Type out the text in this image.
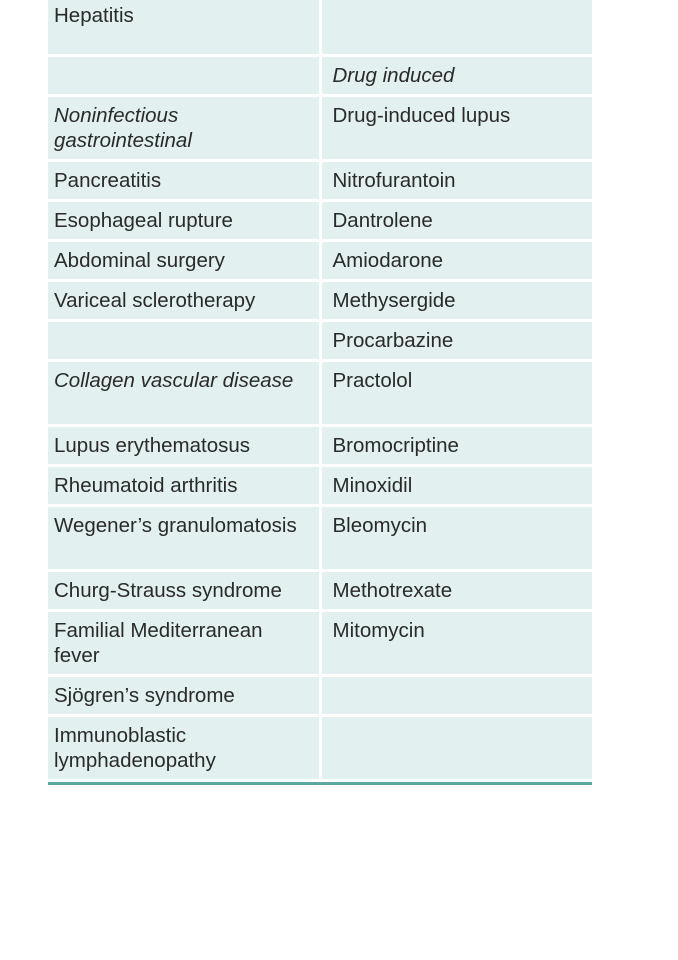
Hepatitis	
	Drug induced
Noninfectious gastrointestinal	Drug-induced lupus
Pancreatitis	Nitrofurantoin
Esophageal rupture	Dantrolene
Abdominal surgery	Amiodarone
Variceal sclerotherapy	Methysergide
	Procarbazine
Collagen vascular disease	Practolol
Lupus erythematosus	Bromocriptine
Rheumatoid arthritis	Minoxidil
Wegener’s granulomatosis	Bleomycin
Churg-Strauss syndrome	Methotrexate
Familial Mediterranean fever	Mitomycin
Sjögren’s syndrome	
Immunoblastic lymphadenopathy	
